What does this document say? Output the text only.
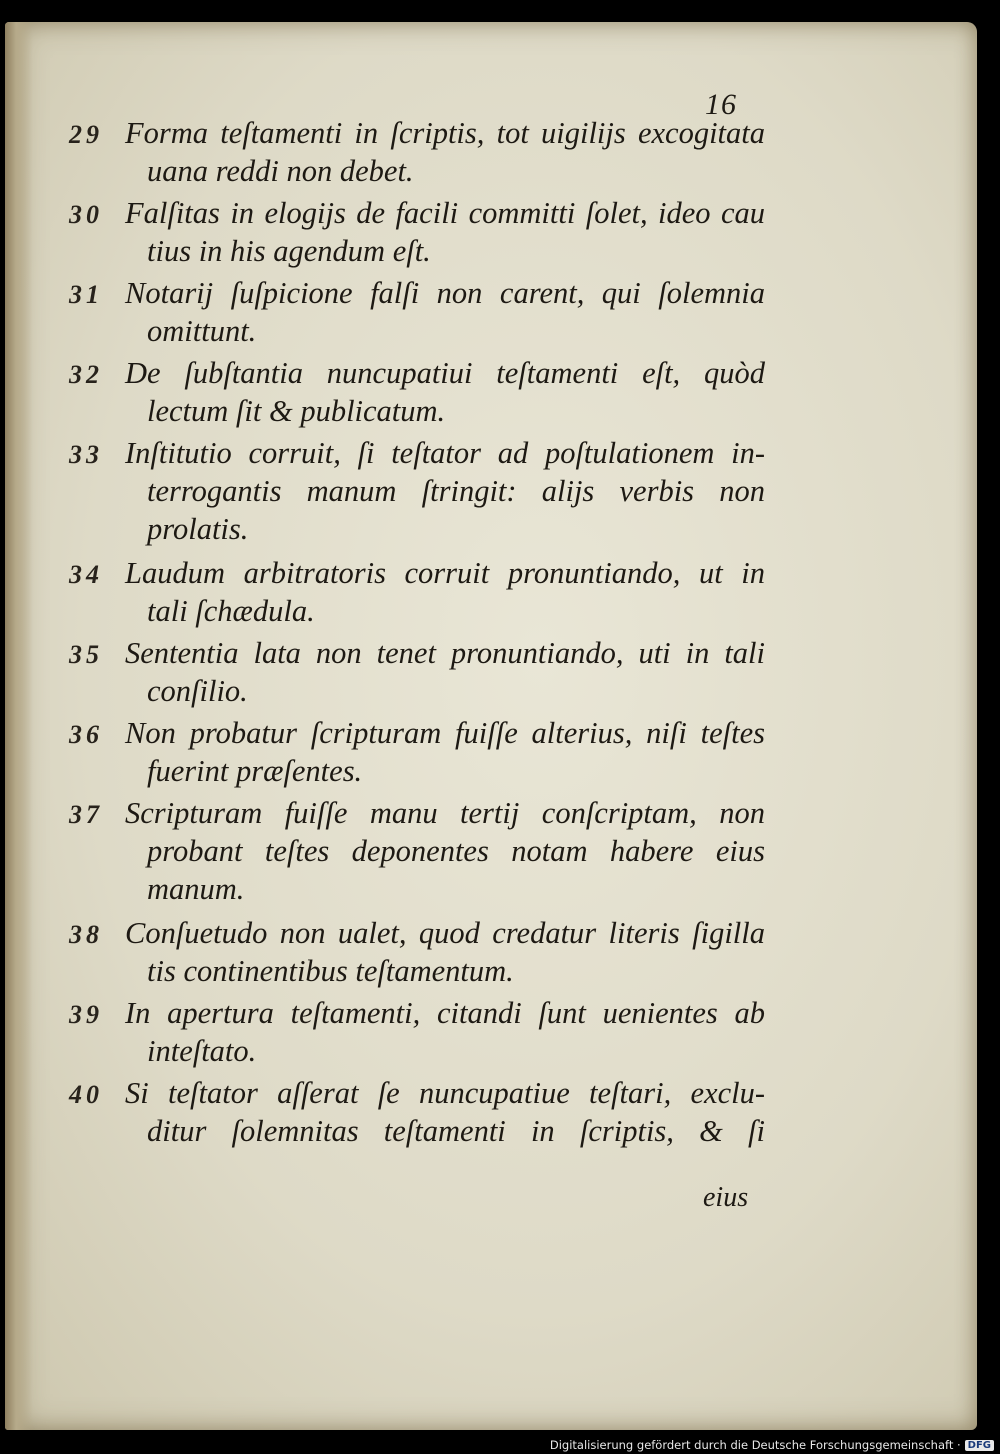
16
29 Forma teſtamenti in ſcriptis, tot uigilijs excogitata
uana reddi non debet.
30 Falſitas in elogijs de facili committi ſolet, ideo cau
tius in his agendum eſt.
31 Notarij ſuſpicione falſi non carent, qui ſolemnia
omittunt.
32 De ſubſtantia nuncupatiui teſtamenti eſt, quòd
lectum ſit & publicatum.
33 Inſtitutio corruit, ſi teſtator ad poſtulationem in-
terrogantis manum ſtringit: alijs verbis non
prolatis.
34 Laudum arbitratoris corruit pronuntiando, ut in
tali ſchædula.
35 Sententia lata non tenet pronuntiando, uti in tali
conſilio.
36 Non probatur ſcripturam fuiſſe alterius, niſi teſtes
fuerint præſentes.
37 Scripturam fuiſſe manu tertij conſcriptam, non
probant teſtes deponentes notam habere eius
manum.
38 Conſuetudo non ualet, quod credatur literis ſigilla
tis continentibus teſtamentum.
39 In apertura teſtamenti, citandi ſunt uenientes ab
inteſtato.
40 Si teſtator aſſerat ſe nuncupatiue teſtari, exclu-
ditur ſolemnitas teſtamenti in ſcriptis, & ſi
eius
Digitalisierung gefördert durch die Deutsche Forschungsgemeinschaft · DFG
